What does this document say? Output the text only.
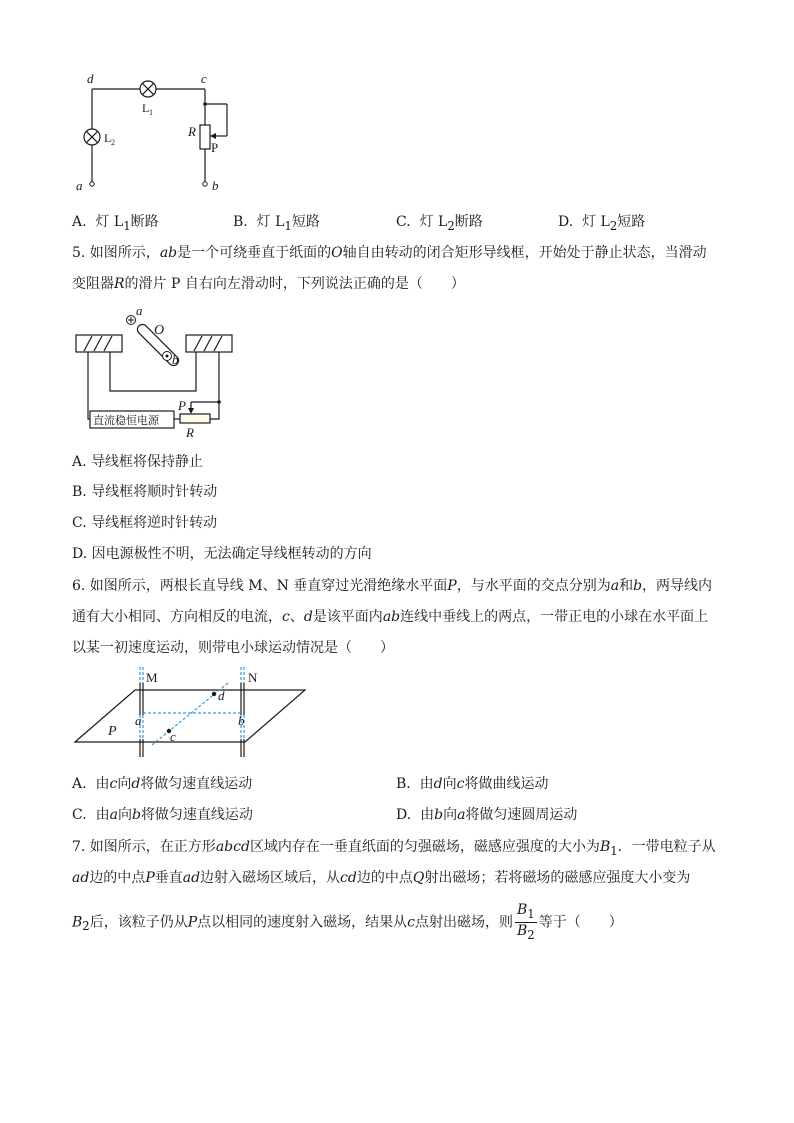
d	c
a	b
L 1
L 2
R
P
A. 灯 $L_1$断路	B. 灯 $L_1$短路	C. 灯 $L_2$断路	D. 灯 $L_2$短路
5. 如图所示，ab是一个可绕垂直于纸面的O轴自由转动的闭合矩形导线框，开始处于静止状态，当滑动
变阻器R的滑片 P 自右向左滑动时，下列说法正确的是（　　）
a
O
b
P
R
直流稳恒电源
A. 导线框将保持静止
B. 导线框将顺时针转动
C. 导线框将逆时针转动
D. 因电源极性不明，无法确定导线框转动的方向
6. 如图所示，两根长直导线 M、N 垂直穿过光滑绝缘水平面P，与水平面的交点分别为a和b，两导线内
通有大小相同、方向相反的电流，c、d是该平面内ab连线中垂线上的两点，一带正电的小球在水平面上
以某一初速度运动，则带电小球运动情况是（　　）
M	N
d
a	b
P	c
A. 由c向d将做匀速直线运动	B. 由d向c将做曲线运动
C. 由a向b将做匀速直线运动	D. 由b向a将做匀速圆周运动
7. 如图所示，在正方形abcd区域内存在一垂直纸面的匀强磁场，磁感应强度的大小为$B_1$．一带电粒子从
ad边的中点P垂直ad边射入磁场区域后，从cd边的中点Q射出磁场；若将磁场的磁感应强度大小变为
$B_2$后，该粒子仍从P点以相同的速度射入磁场，结果从c点射出磁场，则 $\frac{B_1}{B_2}$ 等于（　　）
